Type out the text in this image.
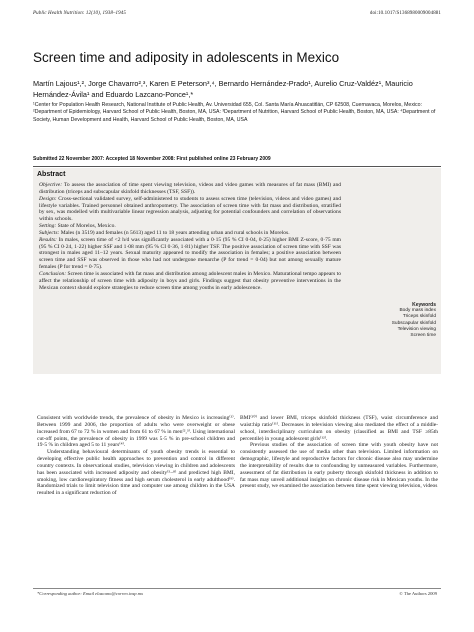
Public Health Nutrition: 12(10), 1938–1945	doi:10.1017/S1368980009004881
Screen time and adiposity in adolescents in Mexico
Martín Lajous¹,², Jorge Chavarro²,³, Karen E Peterson³,⁴, Bernardo Hernández-Prado¹, Aurelio Cruz-Valdéz¹, Mauricio Hernández-Ávila¹ and Eduardo Lazcano-Ponce¹,*
¹Center for Population Health Research, National Institute of Public Health, Av. Universidad 655, Col. Santa María Ahuacatitlán, CP 62508, Cuernavaca, Morelos, Mexico: ²Department of Epidemiology, Harvard School of Public Health, Boston, MA, USA: ³Department of Nutrition, Harvard School of Public Health, Boston, MA, USA: ⁴Department of Society, Human Development and Health, Harvard School of Public Health, Boston, MA, USA
Submitted 22 November 2007: Accepted 18 November 2008: First published online 23 February 2009
Abstract
Objective: To assess the association of time spent viewing television, videos and video games with measures of fat mass (BMI) and distribution (triceps and subscapular skinfold thicknesses (TSF, SSF)).
Design: Cross-sectional validated survey, self-administered to students to assess screen time (television, videos and video games) and lifestyle variables. Trained personnel obtained anthropometry. The association of screen time with fat mass and distribution, stratified by sex, was modelled with multivariable linear regression analysis, adjusting for potential confounders and correlation of observations within schools.
Setting: State of Morelos, Mexico.
Subjects: Males (n 3519) and females (n 5613) aged 11 to 18 years attending urban and rural schools in Morelos.
Results: In males, screen time of <2 h/d was significantly associated with a 0·15 (95 % CI 0·04, 0·25) higher BMI Z-score, 0·75 mm (95 % CI 0·24, 1·22) higher SSF and 1·08 mm (95 % CI 0·36, 1·81) higher TSF. The positive association of screen time with SSF was strongest in males aged 11–12 years. Sexual maturity appeared to modify the association in females; a positive association between screen time and SSF was observed in those who had not undergone menarche (P for trend = 0·04) but not among sexually mature females (P for trend = 0·75).
Conclusion: Screen time is associated with fat mass and distribution among adolescent males in Mexico. Maturational tempo appears to affect the relationship of screen time with adiposity in boys and girls. Findings suggest that obesity preventive interventions in the Mexican context should explore strategies to reduce screen time among youths in early adolescence.
Keywords
Body mass index
Triceps skinfold
Subscapular skinfold
Television viewing
Screen time

Consistent with worldwide trends, the prevalence of obesity in Mexico is increasing⁽¹⁾. Between 1999 and 2006, the proportion of adults who were overweight or obese increased from 67 to 72 % in women and from 61 to 67 % in men⁽²,³⁾. Using international cut-off points, the prevalence of obesity in 1999 was 5·5 % in pre-school children and 19·5 % in children aged 5 to 11 years⁽⁴⁾.

Understanding behavioural determinants of youth obesity trends is essential to developing effective public health approaches to prevention and control in different country contexts. In observational studies, television viewing in children and adolescents has been associated with increased adiposity and obesity⁽⁵–⁸⁾ and predicted high BMI, smoking, low cardiorespiratory fitness and high serum cholesterol in early adulthood⁽⁹⁾. Randomized trials to limit television time and computer use among children in the USA resulted in a significant reduction of

BMI⁽¹⁰⁾ and lower BMI, triceps skinfold thickness (TSF), waist circumference and waist:hip ratio⁽¹¹⁾. Decreases in television viewing also mediated the effect of a middle-school, interdisciplinary curriculum on obesity (classified as BMI and TSF ≥85th percentile) in young adolescent girls⁽¹²⁾.

Previous studies of the association of screen time with youth obesity have not consistently assessed the use of media other than television. Limited information on demographic, lifestyle and reproductive factors for chronic disease also may undermine the interpretability of results due to confounding by unmeasured variables. Furthermore, assessment of fat distribution in early puberty through skinfold thickness in addition to fat mass may unveil additional insights on chronic disease risk in Mexican youths. In the present study, we examined the association between time spent viewing television, videos

*Corresponding author: Email elazcano@correo.insp.mx	© The Authors 2009
